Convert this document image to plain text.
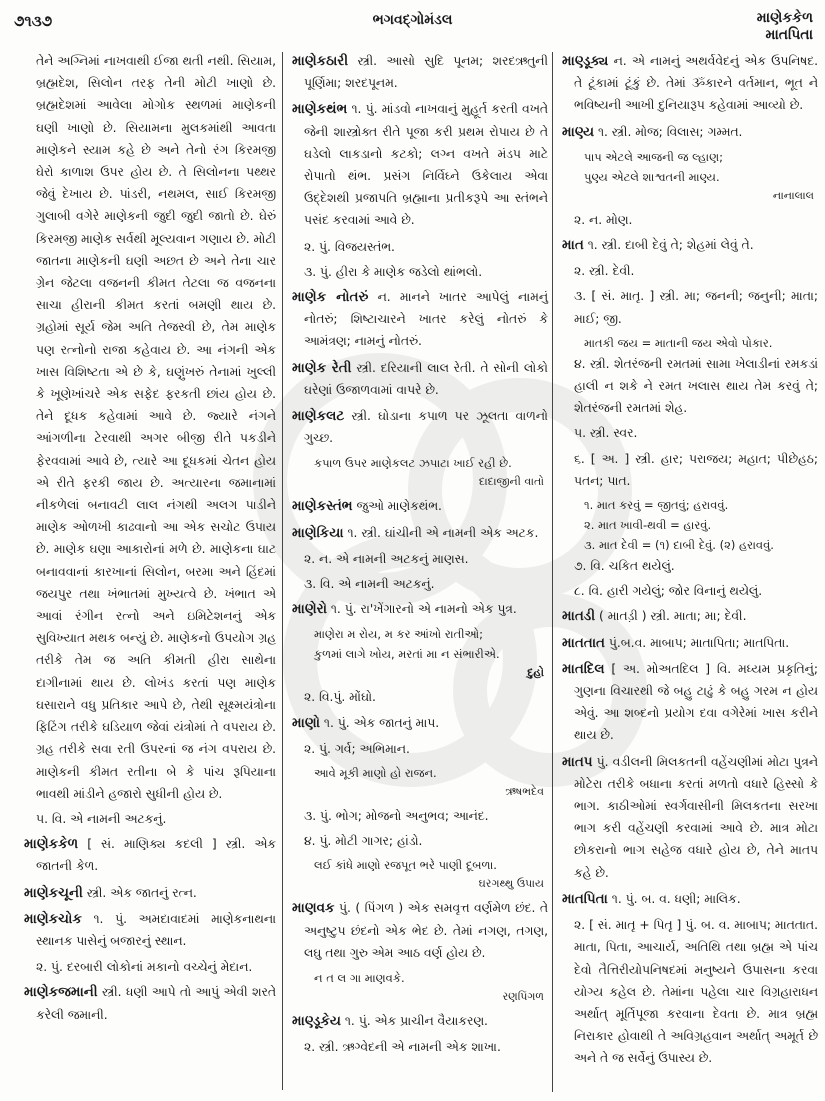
૭૧૩૭	ભગવદ્ગોમંડલ	માણેકકેળ
માતપિતા

તેને અગ્નિમાં નાખવાથી ઈજા થતી નથી. સિયામ, બ્રહ્મદેશ, સિલોન તરફ તેની મોટી ખાણો છે. બ્રહ્મદેશમાં આવેલા મોગોક સ્થળમાં માણેકની ઘણી ખાણો છે. સિયામના મુલકમાંથી આવતા માણેકને સ્યામ કહે છે અને તેનો રંગ કિરમજી ઘેરો કાળાશ ઉપર હોય છે. તે સિલોનના પથ્થર જેવું દેખાય છે. પાંડરી, નથમલ, સાઈ કિરમજી ગુલાબી વગેરે માણેકની જુદી જુદી જાતો છે. ઘેરું કિરમજી માણેક સર્વથી મૂલ્યવાન ગણાય છે. મોટી જાતના માણેકની ઘણી અછત છે અને તેના ચાર ગ્રેન જેટલા વજનની કીમત તેટલા જ વજનના સાચા હીરાની કીમત કરતાં બમણી થાય છે. ગ્રહોમાં સૂર્ય જેમ અતિ તેજસ્વી છે, તેમ માણેક પણ રત્નોનો રાજા કહેવાય છે. આ નંગની એક ખાસ વિશિષ્ટતા એ છે કે, ઘણુંખરું તેનામાં ખુલ્લી કે ખૂણેખાંચરે એક સફેદ ફરકતી છાંય હોય છે. તેને દૂધક કહેવામાં આવે છે. જ્યારે નંગને આંગળીના ટેરવાથી અગર બીજી રીતે પકડીને ફેરવવામાં આવે છે, ત્યારે આ દૂધકમાં ચેતન હોય એ રીતે ફરકી જાય છે. અત્યારના જમાનામાં નીકળેલાં બનાવટી લાલ નંગથી અલગ પાડીને માણેક ઓળખી કાઢવાનો આ એક સચોટ ઉપાય છે. માણેક ઘણા આકારોનાં મળે છે. માણેકના ઘાટ બનાવવાનાં કારખાનાં સિલોન, બરમા અને હિંદમાં જયપુર તથા ખંભાતમાં મુખ્યત્વે છે. ખંભાત એ આવાં રંગીન રત્નો અને ઇમિટેશનનું એક સુવિખ્યાત મથક બન્યું છે. માણેકનો ઉપયોગ ગ્રહ તરીકે તેમ જ અતિ કીમતી હીરા સાથેના દાગીનામાં થાય છે. લોખંડ કરતાં પણ માણેક ઘસારાને વધુ પ્રતિકાર આપે છે, તેથી સૂક્ષ્મયંત્રોના ફિટિંગ તરીકે ઘડિયાળ જેવાં યંત્રોમાં તે વપરાય છે. ગ્રહ તરીકે સવા રતી ઉપરનાં જ નંગ વપરાય છે. માણેકની કીમત રતીના બે કે પાંચ રૂપિયાના ભાવથી માંડીને હજારો સુધીની હોય છે.

૫. વિ. એ નામની અટકનું.

માણેકકેળ [ સં. માણિક્ય કદલી ] સ્ત્રી. એક જાતની કેળ.
માણેકચૂની સ્ત્રી. એક જાતનું રત્ન.
માણેકચોક ૧. પું. અમદાવાદમાં માણેકનાથના સ્થાનક પાસેનું બજારનું સ્થાન.

૨. પું. દરબારી લોકોનાં મકાનો વચ્ચેનું મેદાન.

માણેકજમાની સ્ત્રી. ધણી આપે તો આપું એવી શરતે કરેલી જમાની.
માણેકઠારી સ્ત્રી. આસો સુદિ પૂનમ; શરદઋતુની પૂર્ણિમા; શરદપૂનમ.
માણેકથંભ ૧. પું. માંડવો નાખવાનું મુહૂર્ત કરતી વખતે જેની શાસ્ત્રોક્ત રીતે પૂજા કરી પ્રથમ રોપાય છે તે ઘડેલો લાકડાનો કટકો; લગ્ન વખતે મંડપ માટે રોપાતો થંભ. પ્રસંગ નિર્વિઘ્ને ઉકેલાય એવા ઉદ્દેશથી પ્રજાપતિ બ્રહ્માના પ્રતીકરૂપે આ સ્તંભને પસંદ કરવામાં આવે છે.

૨. પું. વિજયસ્તંભ.

૩. પું. હીરા કે માણેક જડેલો થાંભલો.

માણેક નોતરું ન. માનને ખાતર આપેલું નામનું નોતરું; શિષ્ટાચારને ખાતર કરેલું નોતરું કે આમંત્રણ; નામનું નોતરું.
માણેક રેતી સ્ત્રી. દરિયાની લાલ રેતી. તે સોની લોકો ઘરેણાં ઉજાળવામાં વાપરે છે.
માણેકલટ સ્ત્રી. ઘોડાના કપાળ પર ઝૂલતા વાળનો ગુચ્છ.

કપાળ ઉપર માણેકલટ ઝપાટા ખાઈ રહી છે.

દાદાજીની વાતો

માણેકસ્તંભ જુઓ માણેકથંભ.
માણેકિયા ૧. સ્ત્રી. ઘાંચીની એ નામની એક અટક.

૨. ન. એ નામની અટકનું માણસ.

૩. વિ. એ નામની અટકનું.

માણેરો ૧. પું. રા'ખેંગારનો એ નામનો એક પુત્ર.

માણેરા મ રોય, મ કર આંખો રાતીઓ;

કુળમાં લાગે ખોય, મરતાં મા ન સંભારીએ.

દુહો

૨. વિ.પું. મોંઘો.

માણો ૧. પું. એક જાતનું માપ.

૨. પું. ગર્વ; અભિમાન.

આવે મૂકી માણો હો રાજન.

ઋષભદેવ

૩. પું. ભોગ; મોજનો અનુભવ; આનંદ.

૪. પું. મોટી ગાગર; હાંડો.

લઈ કાંધે માણો રજપૂત ભરે પાણી દૂબળા.

ઘરગથ્થુ ઉપાય

માણવક પું. ( પિંગળ ) એક સમવૃત્ત વર્ણમેળ છંદ. તે અનુષ્ટુપ છંદનો એક ભેદ છે. તેમાં નગણ, તગણ, લઘુ તથા ગુરુ એમ આઠ વર્ણ હોય છે.

ન ત લ ગા માણવકે.

રણપિંગળ

માણ્ડૂકેય ૧. પું. એક પ્રાચીન વૈયાકરણ.

૨. સ્ત્રી. ઋગ્વેદની એ નામની એક શાખા.

માણ્ડૂક્ય ન. એ નામનું અથર્વવેદનું એક ઉપનિષદ. તે ટૂંકામાં ટૂંકું છે. તેમાં ૐકારને વર્તમાન, ભૂત ને ભવિષ્યની આખી દુનિયારૂપ કહેવામાં આવ્યો છે.
માણ્ય ૧. સ્ત્રી. મોજ; વિલાસ; ગમ્મત.

પાપ એટલે આજની જ લ્હાણ;

પુણ્ય એટલે શાશ્વતની માણ્ય.

નાનાલાલ

૨. ન. મોણ.

માત ૧. સ્ત્રી. દાબી દેવું તે; શેહમાં લેવું તે.

૨. સ્ત્રી. દેવી.

૩. [ સં. માતૃ. ] સ્ત્રી. મા; જનની; જનુની; માતા; માઈ; જી.

માતકી જય = માતાની જય એવો પોકાર.

૪. સ્ત્રી. શેતરંજની રમતમાં સામા ખેલાડીનાં રમકડાં હાલી ન શકે ને રમત ખલાસ થાય તેમ કરવું તે; શેતરંજની રમતમાં શેહ.

૫. સ્ત્રી. સ્વર.

૬. [ અ. ] સ્ત્રી. હાર; પરાજય; મહાત; પીછેહઠ; પતન; પાત.

૧. માત કરવું = જીતવું; હરાવવું.

૨. માત ખાવી-થવી = હારવું.

૩. માત દેવી = (૧) દાબી દેવું. (૨) હરાવવું.

૭. વિ. ચકિત થયેલું.

૮. વિ. હારી ગયેલું; જોર વિનાનું થયેલું.

માતડી ( માતડ઼ી ) સ્ત્રી. માતા; મા; દેવી.
માતતાત પું.બ.વ. માબાપ; માતાપિતા; માતપિતા.
માતદિલ [ અ. મોઅતદિલ ] વિ. મધ્યમ પ્રકૃતિનું; ગુણના વિચારથી જે બહુ ટાઢું કે બહુ ગરમ ન હોય એવું. આ શબ્દનો પ્રયોગ દવા વગેરેમાં ખાસ કરીને થાય છે.
માતપ પું. વડીલની મિલકતની વહેંચણીમાં મોટા પુત્રને મોટેરા તરીકે બધાના કરતાં મળતો વધારે હિસ્સો કે ભાગ. કાઠીઓમાં સ્વર્ગવાસીની મિલકતના સરખા ભાગ કરી વહેંચણી કરવામાં આવે છે. માત્ર મોટા છોકરાનો ભાગ સહેજ વધારે હોય છે, તેને માતપ કહે છે.
માતપિતા ૧. પું. બ. વ. ધણી; માલિક.

૨. [ સં. માતૃ + પિતૃ ] પું. બ. વ. માબાપ; માતતાત. માતા, પિતા, આચાર્ય, અતિથિ તથા બ્રહ્મ એ પાંચ દેવો તૈત્તિરીયોપનિષદમાં મનુષ્યને ઉપાસના કરવા યોગ્ય કહેલ છે. તેમાંના પહેલા ચાર વિગ્રહારાધન અર્થાત્ મૂર્તિપૂજા કરવાના દેવતા છે. માત્ર બ્રહ્મ નિરાકાર હોવાથી તે અવિગ્રહવાન અર્થાત્ અમૂર્ત છે અને તે જ સર્વેનું ઉપાસ્ય છે.
